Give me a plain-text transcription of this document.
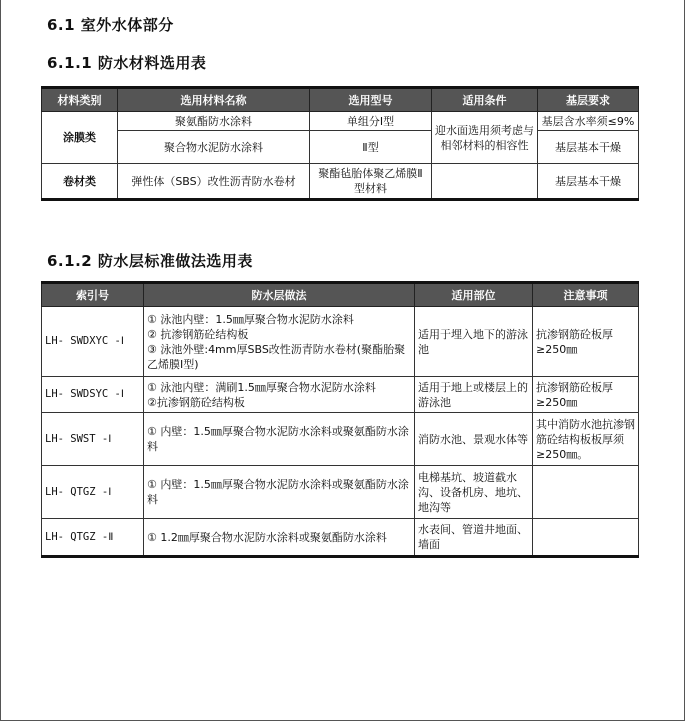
6.1 室外水体部分
6.1.1 防水材料选用表
材料类别	选用材料名称	选用型号	适用条件	基层要求
涂膜类	聚氨酯防水涂料	单组分Ⅰ型	迎水面选用须考虑与相邻材料的相容性	基层含水率须≤9%
	聚合物水泥防水涂料	Ⅱ型		基层基本干燥
卷材类	弹性体（SBS）改性沥青防水卷材	聚酯毡胎体聚乙烯膜Ⅱ型材料		基层基本干燥
6.1.2 防水层标准做法选用表
索引号	防水层做法	适用部位	注意事项
LH- SWDXYC -Ⅰ	① 泳池内壁：1.5㎜厚聚合物水泥防水涂料
② 抗渗钢筋砼结构板
③ 泳池外壁:4mm厚SBS改性沥青防水卷材(聚酯胎聚乙烯膜Ⅰ型)	适用于埋入地下的游泳池	抗渗钢筋砼板厚≥250㎜
LH- SWDSYC -Ⅰ	① 泳池内壁：满刷1.5㎜厚聚合物水泥防水涂料
②抗渗钢筋砼结构板	适用于地上或楼层上的游泳池	抗渗钢筋砼板厚≥250㎜
LH- SWST -Ⅰ	① 内壁：1.5㎜厚聚合物水泥防水涂料或聚氨酯防水涂料	消防水池、景观水体等	其中消防水池抗渗钢筋砼结构板板厚须≥250㎜。
LH- QTGZ -Ⅰ	① 内壁：1.5㎜厚聚合物水泥防水涂料或聚氨酯防水涂料	电梯基坑、坡道截水沟、设备机房、地坑、地沟等	
LH- QTGZ -Ⅱ	① 1.2㎜厚聚合物水泥防水涂料或聚氨酯防水涂料	水表间、管道井地面、墙面	
